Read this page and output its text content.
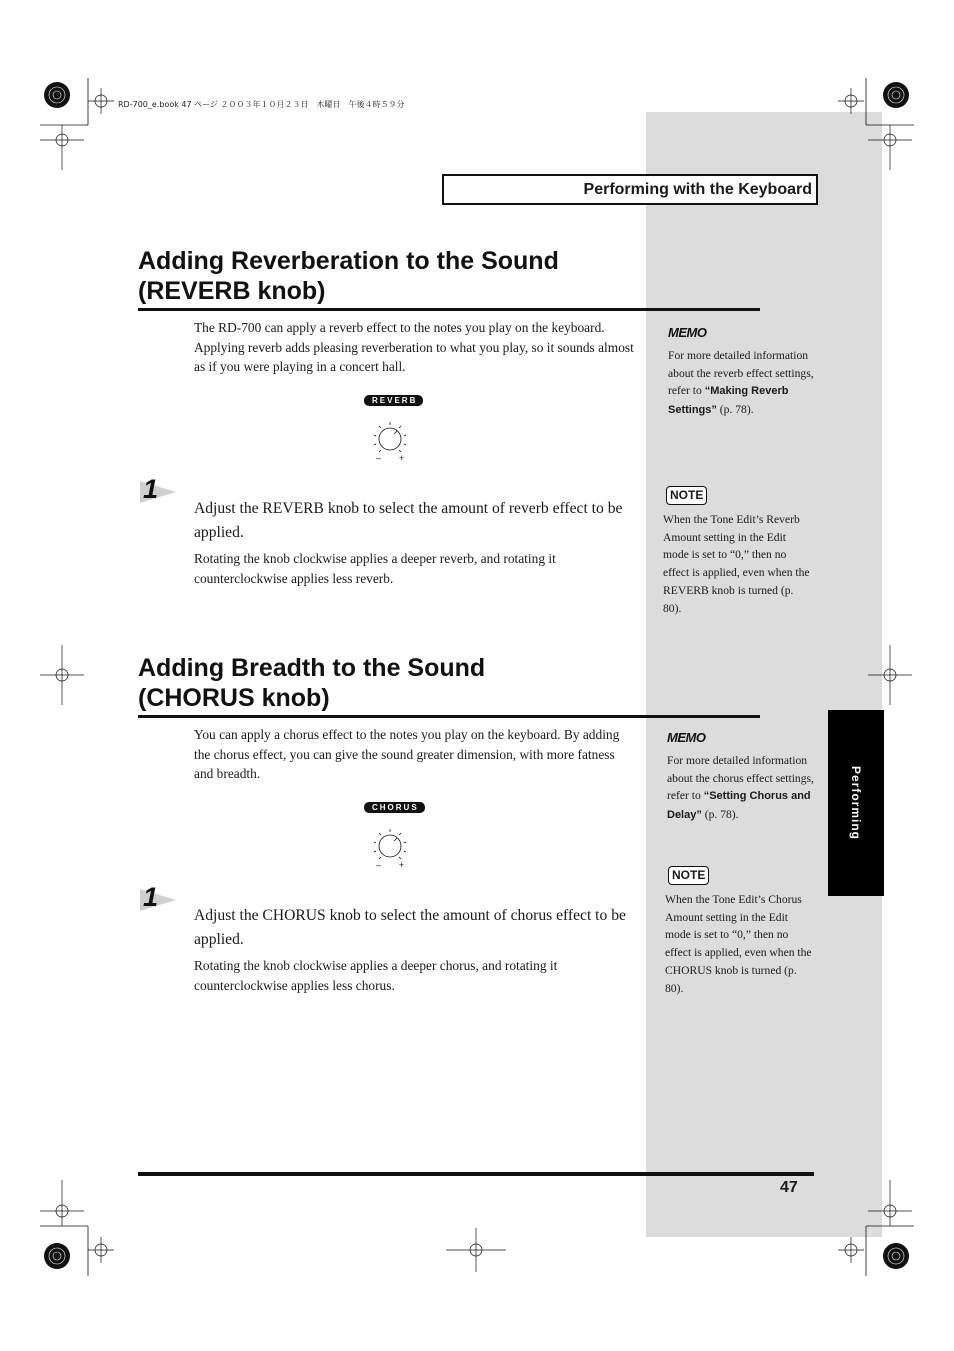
Performing
RD-700_e.book 47 ページ ２００３年１０月２３日　木曜日　午後４時５９分
Performing with the Keyboard
Adding Reverberation to the Sound
(REVERB knob)
The RD-700 can apply a reverb effect to the notes you play on the keyboard. Applying reverb adds pleasing reverberation to what you play, so it sounds almost as if you were playing in a concert hall.
REVERB
– +
1
Adjust the REVERB knob to select the amount of reverb effect to be applied.
Rotating the knob clockwise applies a deeper reverb, and rotating it counterclockwise applies less reverb.
MEMO
For more detailed information about the reverb effect settings, refer to “Making Reverb Settings” (p. 78).
NOTE
When the Tone Edit’s Reverb Amount setting in the Edit mode is set to “0,” then no effect is applied, even when the REVERB knob is turned (p. 80).
Adding Breadth to the Sound
(CHORUS knob)
You can apply a chorus effect to the notes you play on the keyboard. By adding the chorus effect, you can give the sound greater dimension, with more fatness and breadth.
CHORUS
– +
1
Adjust the CHORUS knob to select the amount of chorus effect to be applied.
Rotating the knob clockwise applies a deeper chorus, and rotating it counterclockwise applies less chorus.
MEMO
For more detailed information about the chorus effect settings, refer to “Setting Chorus and Delay” (p. 78).
NOTE
When the Tone Edit’s Chorus Amount setting in the Edit mode is set to “0,” then no effect is applied, even when the CHORUS knob is turned (p. 80).
47
